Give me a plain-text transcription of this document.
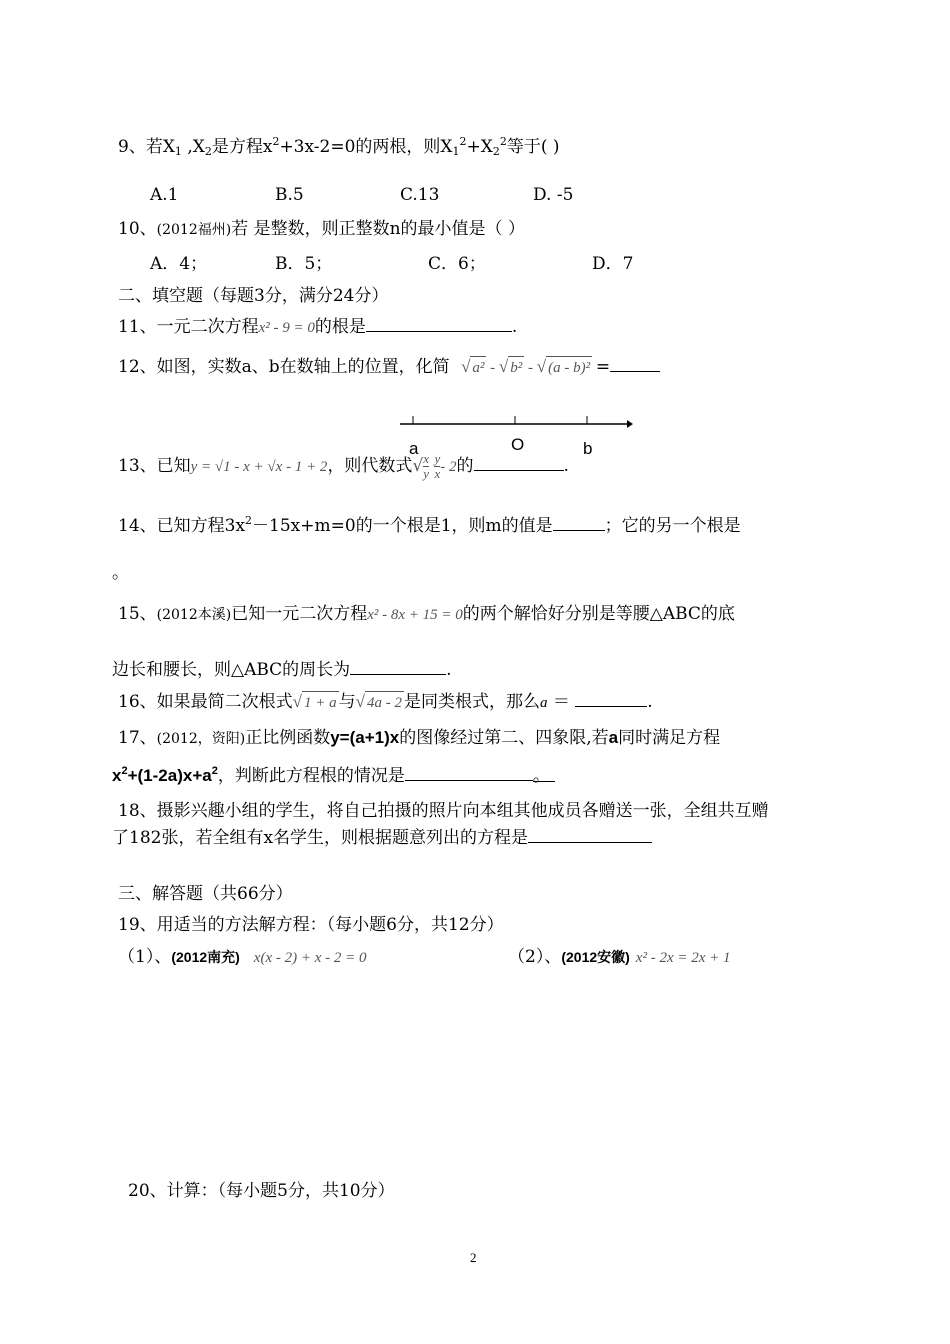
9、若$X_1$ $,X_2$是方程$x^2+3x-2=0$的两根，则$X_1^2+X_2^2$等于( )
A.1	B.5	C.13	D. -5
10、(2012福州)若 是整数，则正整数n的最小值是（ ）
A．4；	B．5；	C．6；	D．7
二、填空题（每题3分，满分24分）
11、一元二次方程x² - 9 = 0的根是	.
12、如图，实数a、b在数轴上的位置，化简 √ a² - √ b² - √ (a - b)² =
a	O	b
13、已知y = √1 - x + √x - 1 + 2，则代数式√ $\frac{x}{y}$
$\frac{y}{x} - 2$的	.
14、已知方程$3x^2-15x+m=0$的一个根是1，则m的值是	；它的另一个根是
。
15、(2012本溪)已知一元二次方程x² - 8x + 15 = 0的两个解恰好分别是等腰△ABC的底
边长和腰长，则△ABC的周长为	.
16、如果最简二次根式√ 1 + a 与√ 4a - 2 是同类根式，那么a ＝	.
17、(2012，资阳)正比例函数y=(a+1)x的图像经过第二、四象限,若a同时满足方程
$x^2+(1-2a)x+a^2$，判断此方程根的情况是	。
18、摄影兴趣小组的学生，将自己拍摄的照片向本组其他成员各赠送一张，全组共互赠
了182张，若全组有x名学生，则根据题意列出的方程是
三、解答题（共66分）
19、用适当的方法解方程：（每小题6分，共12分）
（1）、(2012南充) x(x - 2) + x - 2 = 0	（2）、(2012安徽) x² - 2x = 2x + 1
20、计算：（每小题5分，共10分）
2
